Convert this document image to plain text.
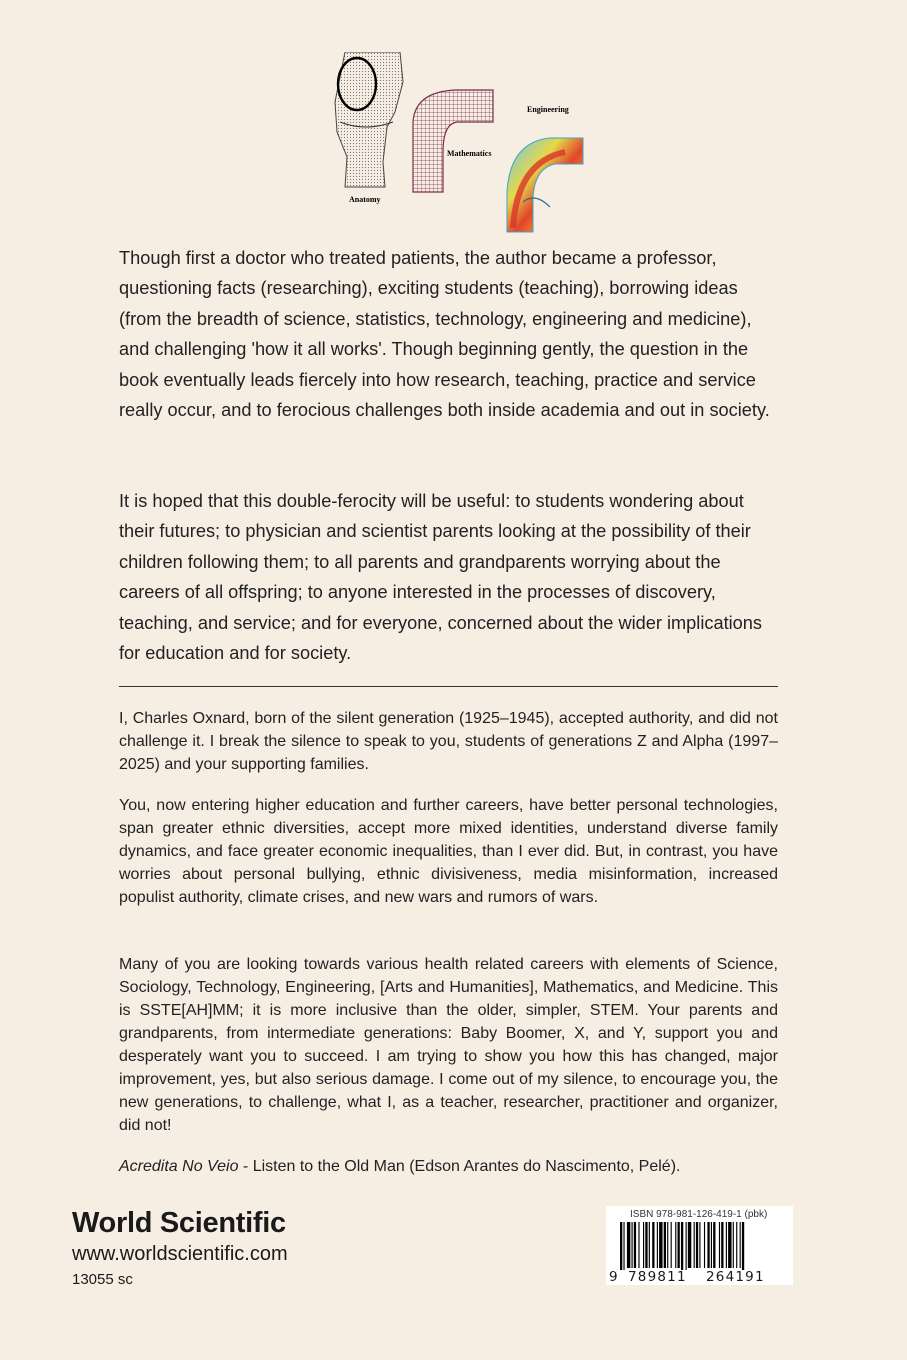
Anatomy
Mathematics
Engineering

Though first a doctor who treated patients, the author became a professor, questioning facts (researching), exciting students (teaching), borrowing ideas (from the breadth of science, statistics, technology, engineering and medicine), and challenging 'how it all works'. Though beginning gently, the question in the book eventually leads fiercely into how research, teaching, practice and service really occur, and to ferocious challenges both inside academia and out in society.

It is hoped that this double-ferocity will be useful: to students wondering about their futures; to physician and scientist parents looking at the possibility of their children following them; to all parents and grandparents worrying about the careers of all offspring; to anyone interested in the processes of discovery, teaching, and service; and for everyone, concerned about the wider implications for education and for society.

I, Charles Oxnard, born of the silent generation (1925–1945), accepted authority, and did not challenge it. I break the silence to speak to you, students of generations Z and Alpha (1997–2025) and your supporting families.

You, now entering higher education and further careers, have better personal technologies, span greater ethnic diversities, accept more mixed identities, understand diverse family dynamics, and face greater economic inequalities, than I ever did. But, in contrast, you have worries about personal bullying, ethnic divisiveness, media misinformation, increased populist authority, climate crises, and new wars and rumors of wars.

Many of you are looking towards various health related careers with elements of Science, Sociology, Technology, Engineering, [Arts and Humanities], Mathematics, and Medicine. This is SSTE[AH]MM; it is more inclusive than the older, simpler, STEM. Your parents and grandparents, from intermediate generations: Baby Boomer, X, and Y, support you and desperately want you to succeed. I am trying to show you how this has changed, major improvement, yes, but also serious damage. I come out of my silence, to encourage you, the new generations, to challenge, what I, as a teacher, researcher, practitioner and organizer, did not!

Acredita No Veio - Listen to the Old Man (Edson Arantes do Nascimento, Pelé).

World Scientific
www.worldscientific.com
13055 sc
ISBN 978-981-126-419-1 (pbk)
9 789811 264191
